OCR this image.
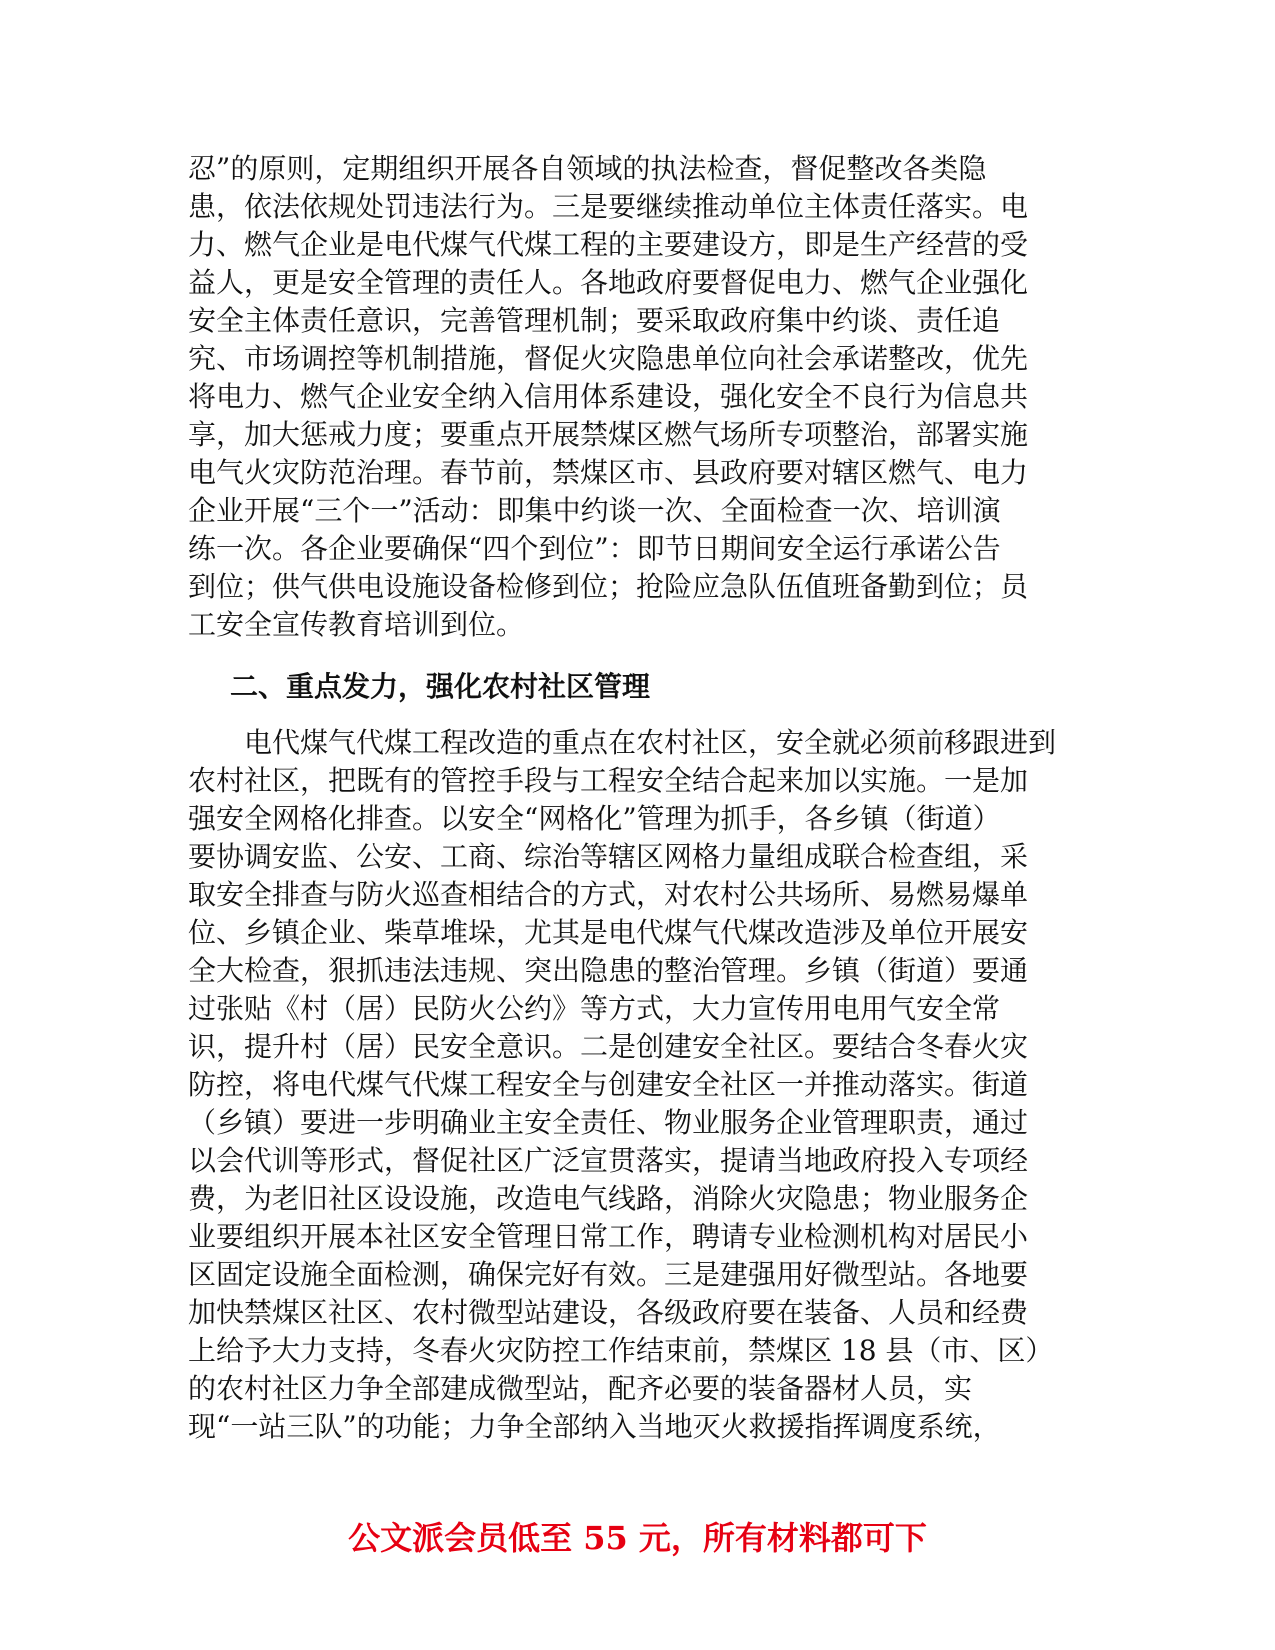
忍”的原则，定期组织开展各自领域的执法检查，督促整改各类隐
患，依法依规处罚违法行为。三是要继续推动单位主体责任落实。电
力、燃气企业是电代煤气代煤工程的主要建设方，即是生产经营的受
益人，更是安全管理的责任人。各地政府要督促电力、燃气企业强化
安全主体责任意识，完善管理机制；要采取政府集中约谈、责任追
究、市场调控等机制措施，督促火灾隐患单位向社会承诺整改，优先
将电力、燃气企业安全纳入信用体系建设，强化安全不良行为信息共
享，加大惩戒力度；要重点开展禁煤区燃气场所专项整治，部署实施
电气火灾防范治理。春节前，禁煤区市、县政府要对辖区燃气、电力
企业开展“三个一”活动：即集中约谈一次、全面检查一次、培训演
练一次。各企业要确保“四个到位”：即节日期间安全运行承诺公告
到位；供气供电设施设备检修到位；抢险应急队伍值班备勤到位；员
工安全宣传教育培训到位。
二、重点发力，强化农村社区管理
　　电代煤气代煤工程改造的重点在农村社区，安全就必须前移跟进到
农村社区，把既有的管控手段与工程安全结合起来加以实施。一是加
强安全网格化排查。以安全“网格化”管理为抓手，各乡镇（街道）
要协调安监、公安、工商、综治等辖区网格力量组成联合检查组，采
取安全排查与防火巡查相结合的方式，对农村公共场所、易燃易爆单
位、乡镇企业、柴草堆垛，尤其是电代煤气代煤改造涉及单位开展安
全大检查，狠抓违法违规、突出隐患的整治管理。乡镇（街道）要通
过张贴《村（居）民防火公约》等方式，大力宣传用电用气安全常
识，提升村（居）民安全意识。二是创建安全社区。要结合冬春火灾
防控，将电代煤气代煤工程安全与创建安全社区一并推动落实。街道
（乡镇）要进一步明确业主安全责任、物业服务企业管理职责，通过
以会代训等形式，督促社区广泛宣贯落实，提请当地政府投入专项经
费，为老旧社区设设施，改造电气线路，消除火灾隐患；物业服务企
业要组织开展本社区安全管理日常工作，聘请专业检测机构对居民小
区固定设施全面检测，确保完好有效。三是建强用好微型站。各地要
加快禁煤区社区、农村微型站建设，各级政府要在装备、人员和经费
上给予大力支持，冬春火灾防控工作结束前，禁煤区 18 县（市、区）
的农村社区力争全部建成微型站，配齐必要的装备器材人员，实
现“一站三队”的功能；力争全部纳入当地灭火救援指挥调度系统，
公文派会员低至 55 元，所有材料都可下
